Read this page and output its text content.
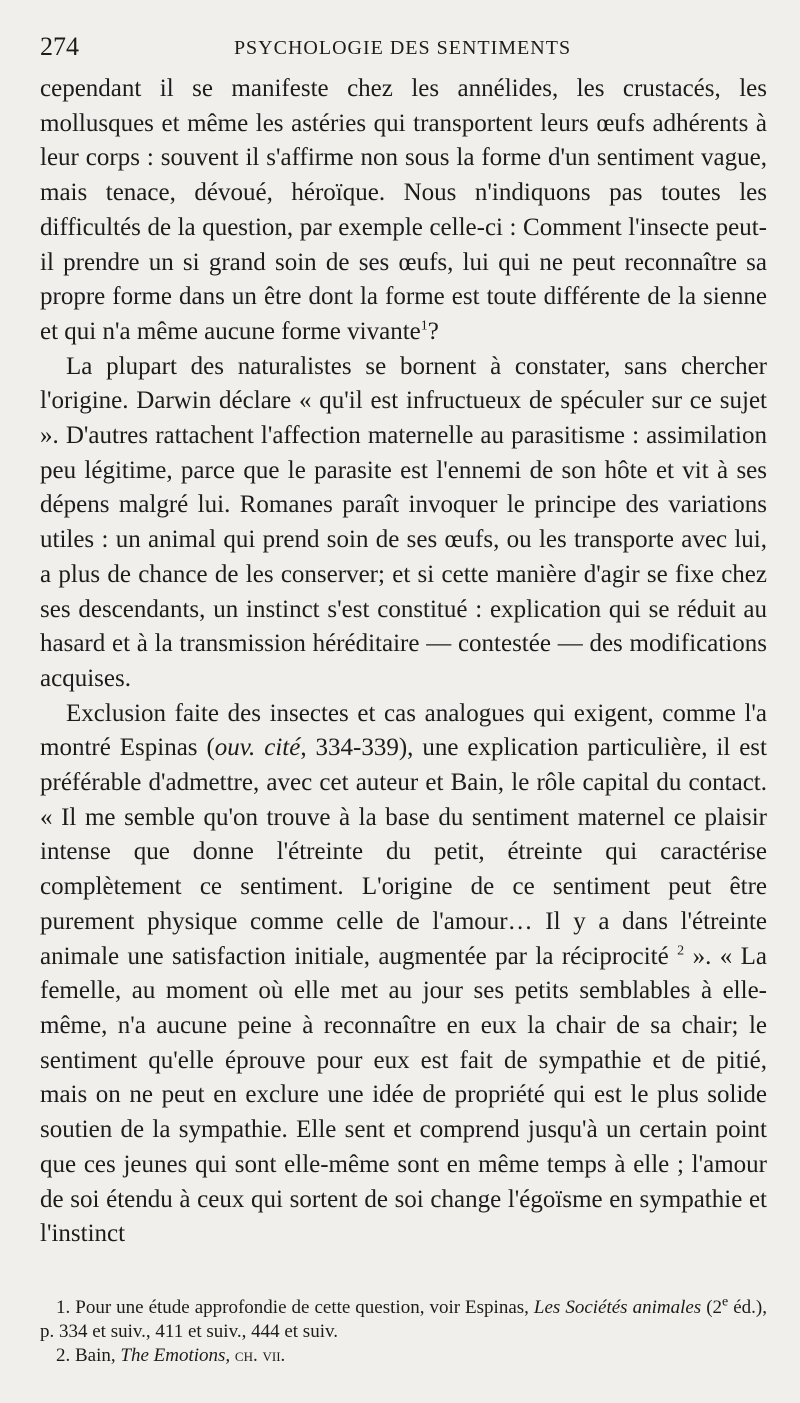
274	PSYCHOLOGIE DES SENTIMENTS

cependant il se manifeste chez les annélides, les crustacés, les mollusques et même les astéries qui transportent leurs œufs adhérents à leur corps : souvent il s'affirme non sous la forme d'un sentiment vague, mais tenace, dévoué, héroïque. Nous n'indiquons pas toutes les difficultés de la question, par exemple celle-ci : Comment l'insecte peut-il prendre un si grand soin de ses œufs, lui qui ne peut reconnaître sa propre forme dans un être dont la forme est toute différente de la sienne et qui n'a même aucune forme vivante$^1$?

La plupart des naturalistes se bornent à constater, sans chercher l'origine. Darwin déclare « qu'il est infructueux de spéculer sur ce sujet ». D'autres rattachent l'affection maternelle au parasitisme : assimilation peu légitime, parce que le parasite est l'ennemi de son hôte et vit à ses dépens malgré lui. Romanes paraît invoquer le principe des variations utiles : un animal qui prend soin de ses œufs, ou les transporte avec lui, a plus de chance de les conserver; et si cette manière d'agir se fixe chez ses descendants, un instinct s'est constitué : explication qui se réduit au hasard et à la transmission héréditaire — contestée — des modifications acquises.

Exclusion faite des insectes et cas analogues qui exigent, comme l'a montré Espinas (ouv. cité, 334-339), une explication particulière, il est préférable d'admettre, avec cet auteur et Bain, le rôle capital du contact. « Il me semble qu'on trouve à la base du sentiment maternel ce plaisir intense que donne l'étreinte du petit, étreinte qui caractérise complètement ce sentiment. L'origine de ce sentiment peut être purement physique comme celle de l'amour… Il y a dans l'étreinte animale une satisfaction initiale, augmentée par la réciprocité $^2$ ». « La femelle, au moment où elle met au jour ses petits semblables à elle-même, n'a aucune peine à reconnaître en eux la chair de sa chair; le sentiment qu'elle éprouve pour eux est fait de sympathie et de pitié, mais on ne peut en exclure une idée de propriété qui est le plus solide soutien de la sympathie. Elle sent et comprend jusqu'à un certain point que ces jeunes qui sont elle-même sont en même temps à elle ; l'amour de soi étendu à ceux qui sortent de soi change l'égoïsme en sympathie et l'instinct

1. Pour une étude approfondie de cette question, voir Espinas, Les Sociétés animales (2e éd.), p. 334 et suiv., 411 et suiv., 444 et suiv.

2. Bain, The Emotions, ch. vii.
